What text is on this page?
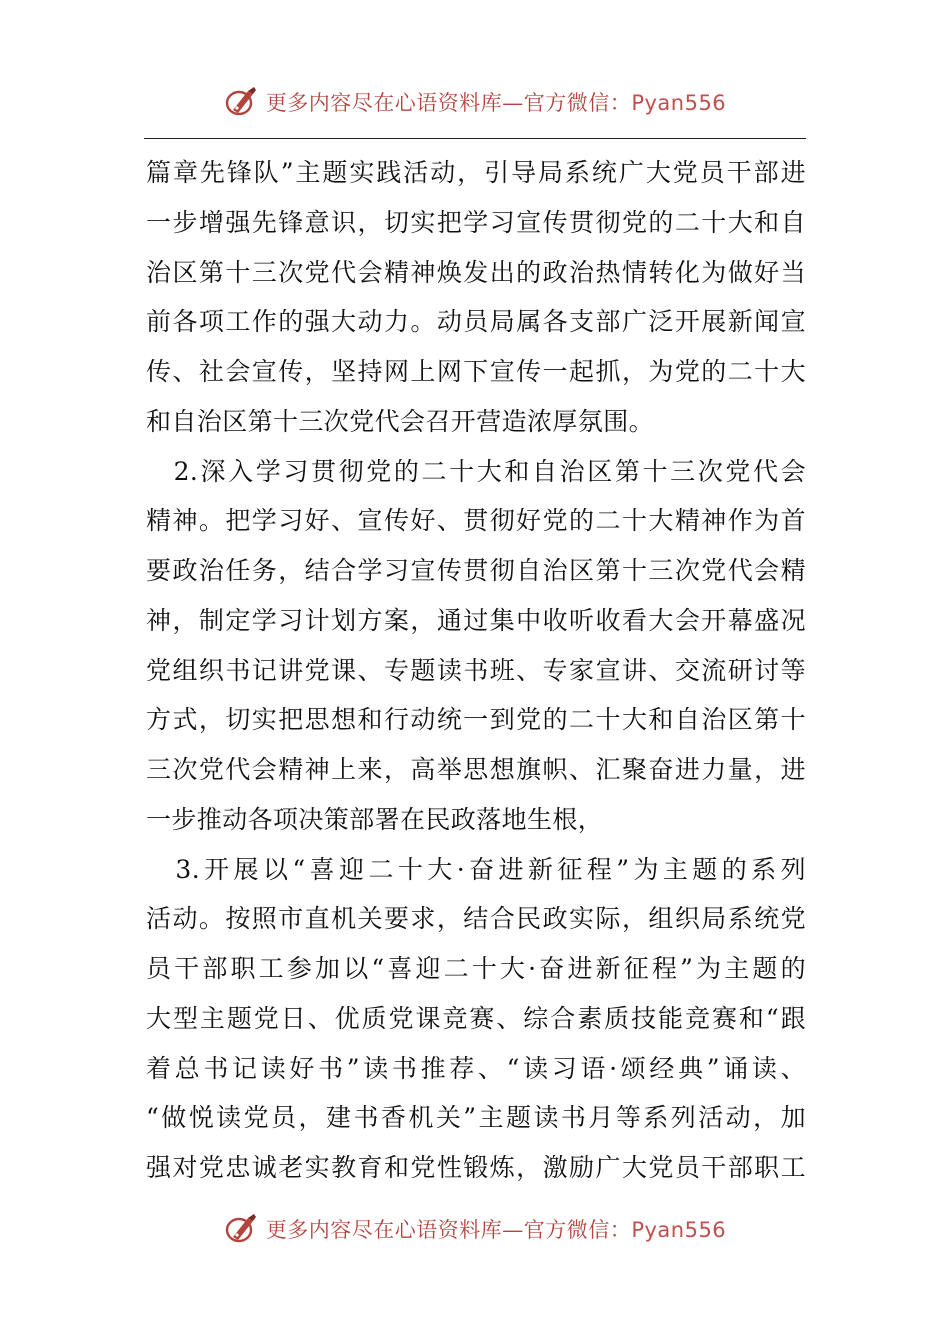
更多内容尽在心语资料库—官方微信：Pyan556
篇章先锋队”主题实践活动，引导局系统广大党员干部进
一步增强先锋意识，切实把学习宣传贯彻党的二十大和自
治区第十三次党代会精神焕发出的政治热情转化为做好当
前各项工作的强大动力。动员局属各支部广泛开展新闻宣
传、社会宣传，坚持网上网下宣传一起抓，为党的二十大
和自治区第十三次党代会召开营造浓厚氛围。
　2.深入学习贯彻党的二十大和自治区第十三次党代会
精神。把学习好、宣传好、贯彻好党的二十大精神作为首
要政治任务，结合学习宣传贯彻自治区第十三次党代会精
神，制定学习计划方案，通过集中收听收看大会开幕盛况
党组织书记讲党课、专题读书班、专家宣讲、交流研讨等
方式，切实把思想和行动统一到党的二十大和自治区第十
三次党代会精神上来，高举思想旗帜、汇聚奋进力量，进
一步推动各项决策部署在民政落地生根，
　3.开展以“喜迎二十大·奋进新征程”为主题的系列
活动。按照市直机关要求，结合民政实际，组织局系统党
员干部职工参加以“喜迎二十大·奋进新征程”为主题的
大型主题党日、优质党课竞赛、综合素质技能竞赛和“跟
着总书记读好书”读书推荐、“读习语·颂经典”诵读、
“做悦读党员，建书香机关”主题读书月等系列活动，加
强对党忠诚老实教育和党性锻炼，激励广大党员干部职工
更多内容尽在心语资料库—官方微信：Pyan556
